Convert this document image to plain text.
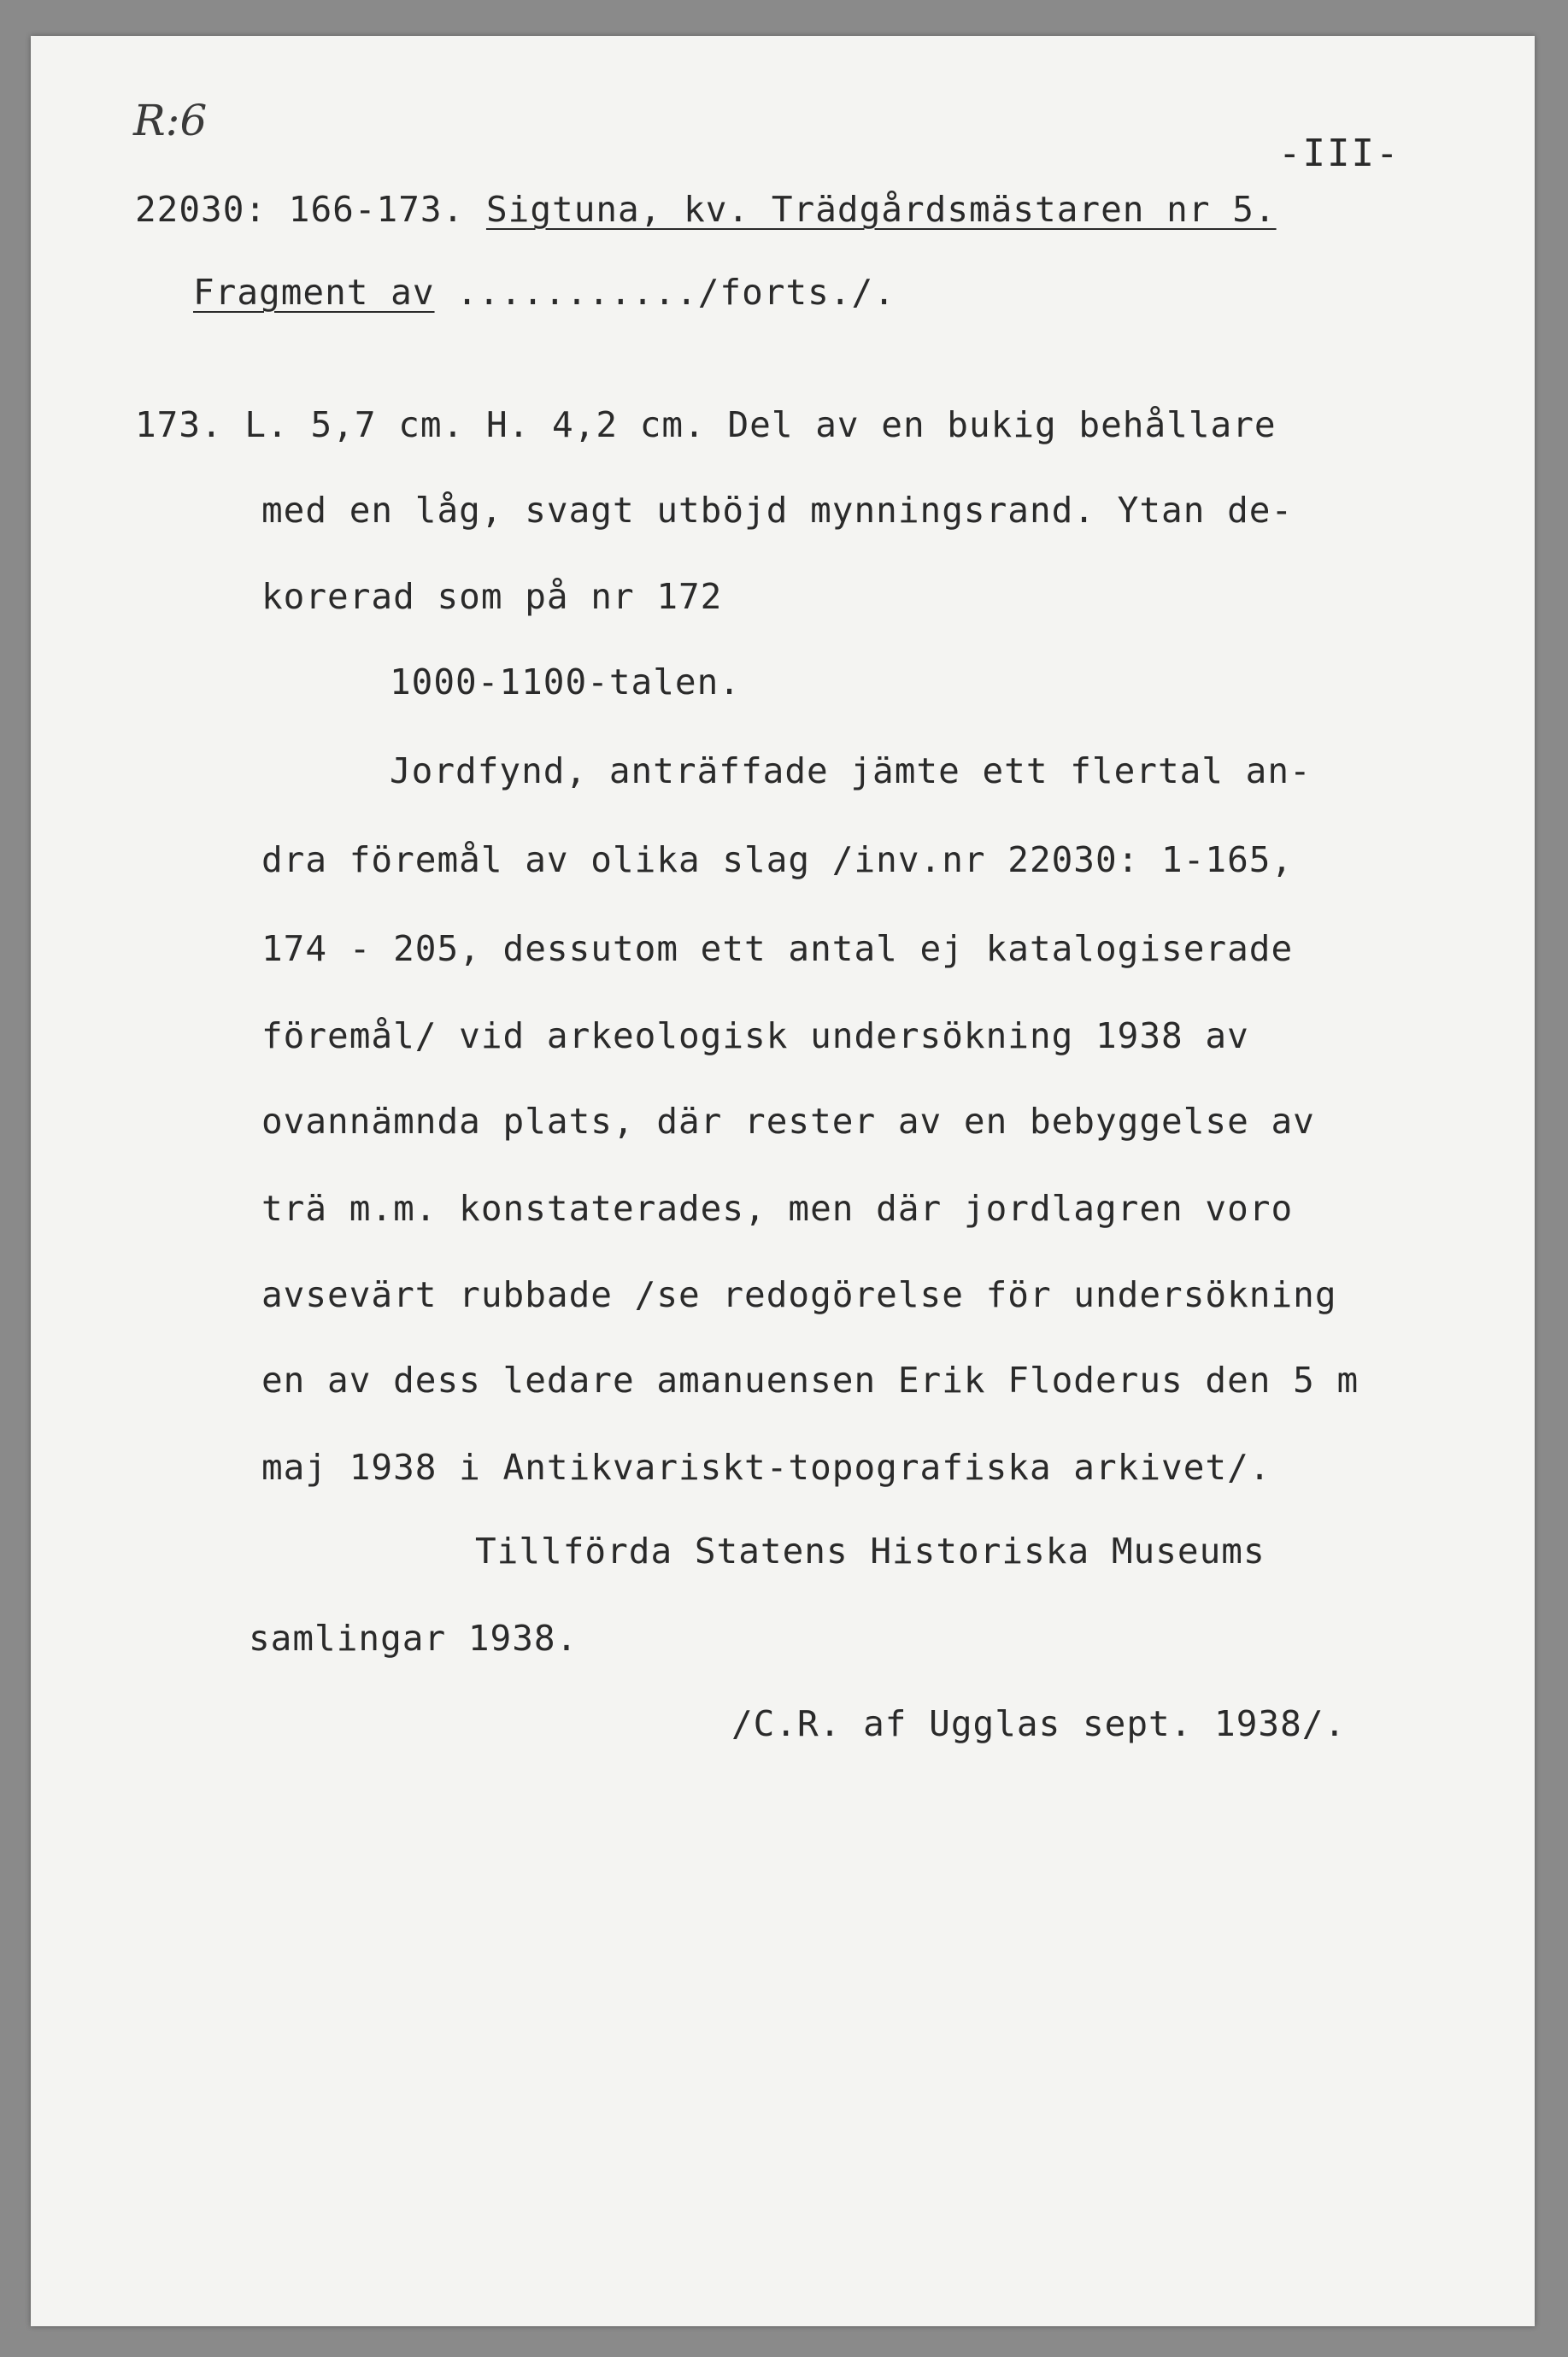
R:6
-III-
22030: 166-173. Sigtuna, kv. Trädgårdsmästaren nr 5.
Fragment av .........../forts./.
173. L. 5,7 cm. H. 4,2 cm. Del av en bukig behållare
med en låg, svagt utböjd mynningsrand. Ytan de-
korerad som på nr 172
1000-1100-talen.
Jordfynd, anträffade jämte ett flertal an-
dra föremål av olika slag /inv.nr 22030: 1-165,
174 - 205, dessutom ett antal ej katalogiserade
föremål/ vid arkeologisk undersökning 1938 av
ovannämnda plats, där rester av en bebyggelse av
trä m.m. konstaterades, men där jordlagren voro
avsevärt rubbade /se redogörelse för undersökning
en av dess ledare amanuensen Erik Floderus den 5 m
maj 1938 i Antikvariskt-topografiska arkivet/.
Tillförda Statens Historiska Museums
samlingar 1938.
/C.R. af Ugglas sept. 1938/.
